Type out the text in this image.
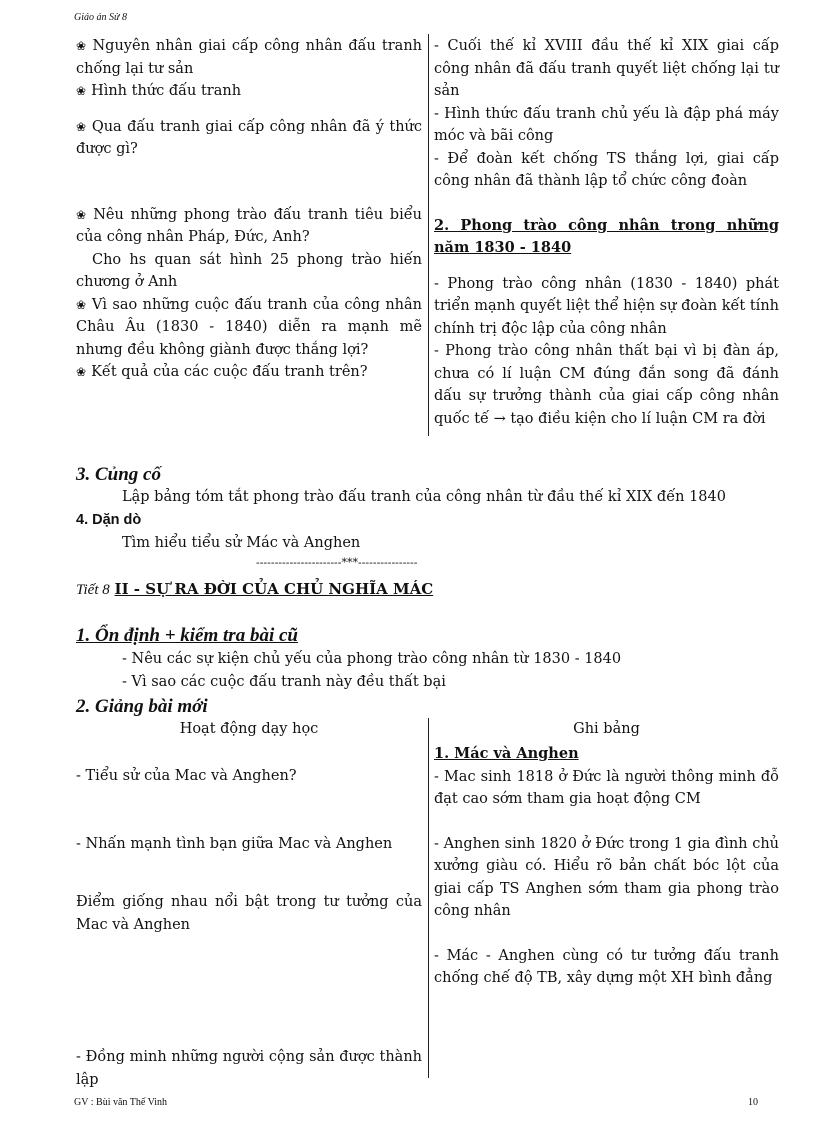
Giáo án Sử 8

❀ Nguyên nhân giai cấp công nhân đấu tranh chống lại tư sản

❀ Hình thức đấu tranh

❀ Qua đấu tranh giai cấp công nhân đã ý thức được gì?

❀ Nêu những phong trào đấu tranh tiêu biểu của công nhân Pháp, Đức, Anh?

Cho hs quan sát hình 25 phong trào hiến chương ở Anh

❀ Vì sao những cuộc đấu tranh của công nhân Châu Âu (1830 - 1840) diễn ra mạnh mẽ nhưng đều không giành được thắng lợi?

❀ Kết quả của các cuộc đấu tranh trên?

- Cuối thế kỉ XVIII đầu thế kỉ XIX giai cấp công nhân đã đấu tranh quyết liệt chống lại tư sản

- Hình thức đấu tranh chủ yếu là đập phá máy móc và bãi công

- Để đoàn kết chống TS thắng lợi, giai cấp công nhân đã thành lập tổ chức công đoàn

2. Phong trào công nhân trong những năm 1830 - 1840

- Phong trào công nhân (1830 - 1840) phát triển mạnh quyết liệt thể hiện sự đoàn kết tính chính trị độc lập của công nhân

- Phong trào công nhân thất bại vì bị đàn áp, chưa có lí luận CM đúng đắn song đã đánh dấu sự trưởng thành của giai cấp công nhân quốc tế → tạo điều kiện cho lí luận CM ra đời

3. Củng cố
Lập bảng tóm tắt phong trào đấu tranh của công nhân từ đầu thế kỉ XIX đến 1840
4. Dặn dò
Tìm hiểu tiểu sử Mác và Anghen
-----------------------***----------------
Tiết 8 II - SỰ RA ĐỜI CỦA CHỦ NGHĨA MÁC
1. Ổn định + kiểm tra bài cũ
- Nêu các sự kiện chủ yếu của phong trào công nhân từ 1830 - 1840
- Vì sao các cuộc đấu tranh này đều thất bại
2. Giảng bài mới
Hoạt động dạy học	Ghi bảng

- Tiểu sử của Mac và Anghen?

- Nhấn mạnh tình bạn giữa Mac và Anghen

Điểm giống nhau nổi bật trong tư tưởng của Mac và Anghen

- Đồng minh những người cộng sản được thành lập

1. Mác và Anghen

- Mac sinh 1818 ở Đức là người thông minh đỗ đạt cao sớm tham gia hoạt động CM

- Anghen sinh 1820 ở Đức trong 1 gia đình chủ xưởng giàu có. Hiểu rõ bản chất bóc lột của giai cấp TS Anghen sớm tham gia phong trào công nhân

- Mác - Anghen cùng có tư tưởng đấu tranh chống chế độ TB, xây dựng một XH bình đẳng

GV : Bùi văn Thế Vinh	10
